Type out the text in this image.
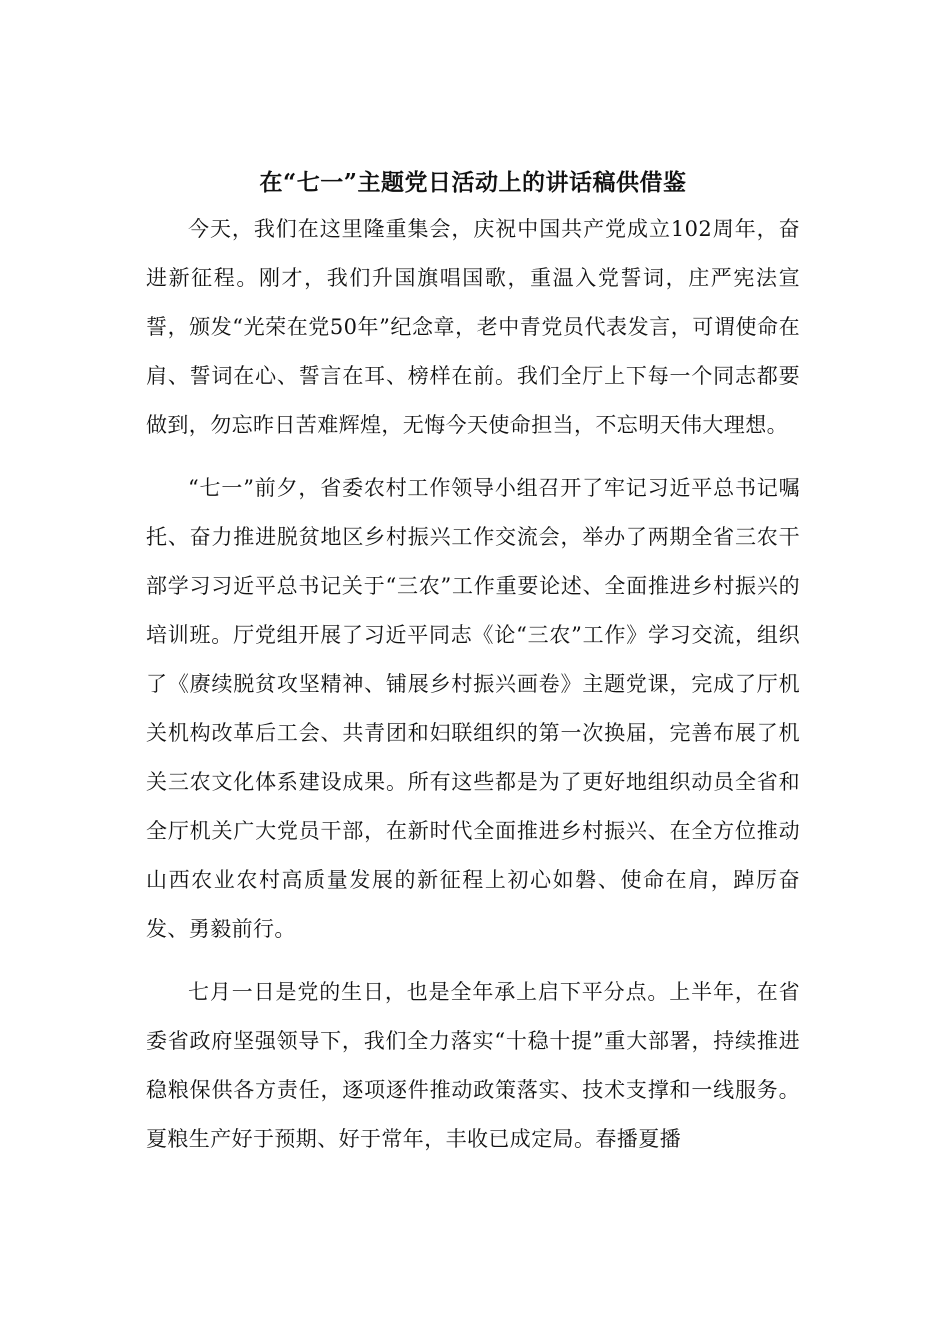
在“七一”主题党日活动上的讲话稿供借鉴

今天，我们在这里隆重集会，庆祝中国共产党成立102周年，奋进新征程。刚才，我们升国旗唱国歌，重温入党誓词，庄严宪法宣誓，颁发“光荣在党50年”纪念章，老中青党员代表发言，可谓使命在肩、誓词在心、誓言在耳、榜样在前。我们全厅上下每一个同志都要做到，勿忘昨日苦难辉煌，无悔今天使命担当，不忘明天伟大理想。

“七一”前夕，省委农村工作领导小组召开了牢记习近平总书记嘱托、奋力推进脱贫地区乡村振兴工作交流会，举办了两期全省三农干部学习习近平总书记关于“三农”工作重要论述、全面推进乡村振兴的培训班。厅党组开展了习近平同志《论“三农”工作》学习交流，组织了《赓续脱贫攻坚精神、铺展乡村振兴画卷》主题党课，完成了厅机关机构改革后工会、共青团和妇联组织的第一次换届，完善布展了机关三农文化体系建设成果。所有这些都是为了更好地组织动员全省和全厅机关广大党员干部，在新时代全面推进乡村振兴、在全方位推动山西农业农村高质量发展的新征程上初心如磐、使命在肩，踔厉奋发、勇毅前行。

七月一日是党的生日，也是全年承上启下平分点。上半年，在省委省政府坚强领导下，我们全力落实“十稳十提”重大部署，持续推进稳粮保供各方责任，逐项逐件推动政策落实、技术支撑和一线服务。夏粮生产好于预期、好于常年，丰收已成定局。春播夏播
